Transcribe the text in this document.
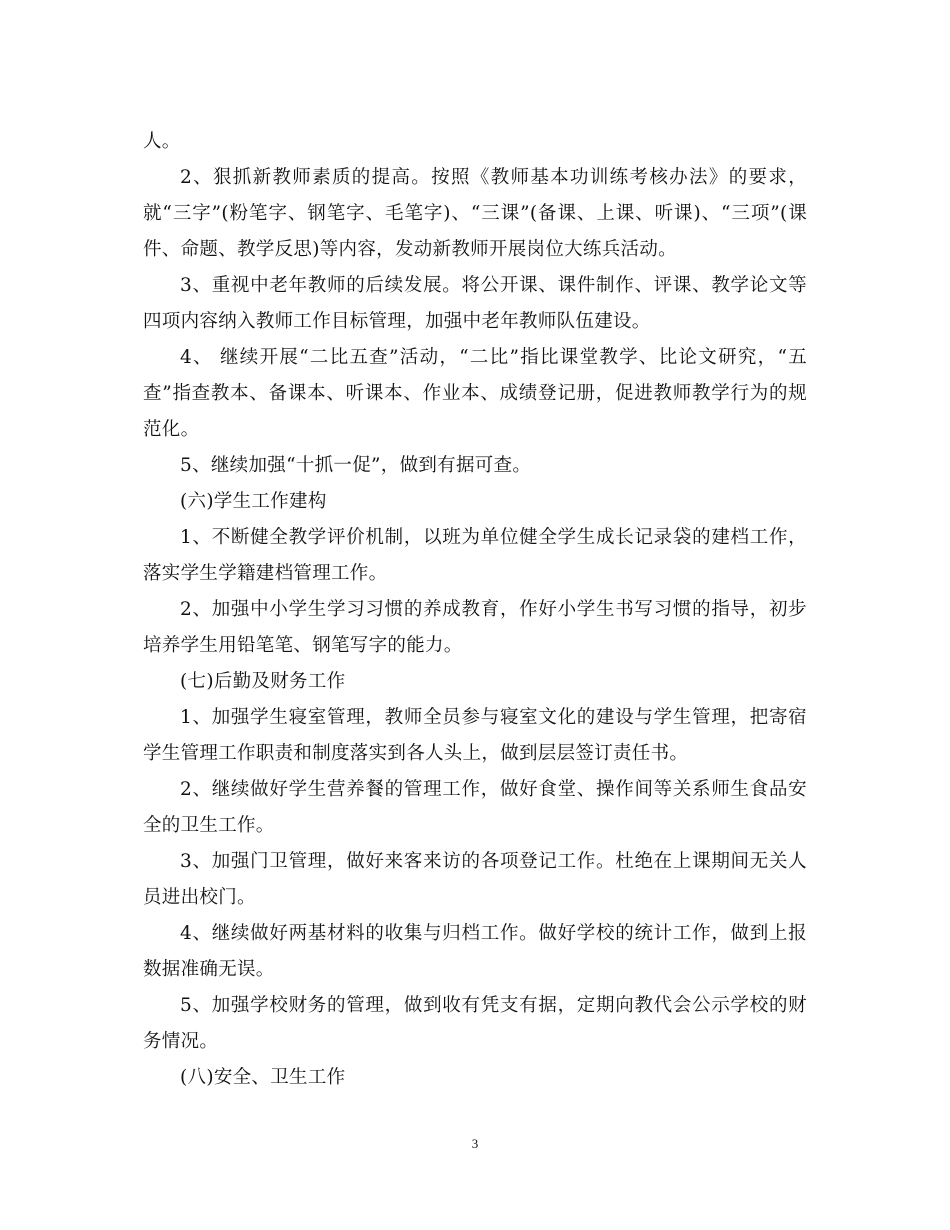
人。

2、狠抓新教师素质的提高。按照《教师基本功训练考核办法》的要求，就“三字”(粉笔字、钢笔字、毛笔字)、“三课”(备课、上课、听课)、“三项”(课件、命题、教学反思)等内容，发动新教师开展岗位大练兵活动。

3、重视中老年教师的后续发展。将公开课、课件制作、评课、教学论文等四项内容纳入教师工作目标管理，加强中老年教师队伍建设。

4、 继续开展“二比五查”活动，“二比”指比课堂教学、比论文研究，“五查”指查教本、备课本、听课本、作业本、成绩登记册，促进教师教学行为的规范化。

5、继续加强“十抓一促”，做到有据可查。

(六)学生工作建构

1、不断健全教学评价机制，以班为单位健全学生成长记录袋的建档工作，落实学生学籍建档管理工作。

2、加强中小学生学习习惯的养成教育，作好小学生书写习惯的指导，初步培养学生用铅笔笔、钢笔写字的能力。

(七)后勤及财务工作

1、加强学生寝室管理，教师全员参与寝室文化的建设与学生管理，把寄宿学生管理工作职责和制度落实到各人头上，做到层层签订责任书。

2、继续做好学生营养餐的管理工作，做好食堂、操作间等关系师生食品安全的卫生工作。

3、加强门卫管理，做好来客来访的各项登记工作。杜绝在上课期间无关人员进出校门。

4、继续做好两基材料的收集与归档工作。做好学校的统计工作，做到上报数据准确无误。

5、加强学校财务的管理，做到收有凭支有据，定期向教代会公示学校的财务情况。

(八)安全、卫生工作

3
